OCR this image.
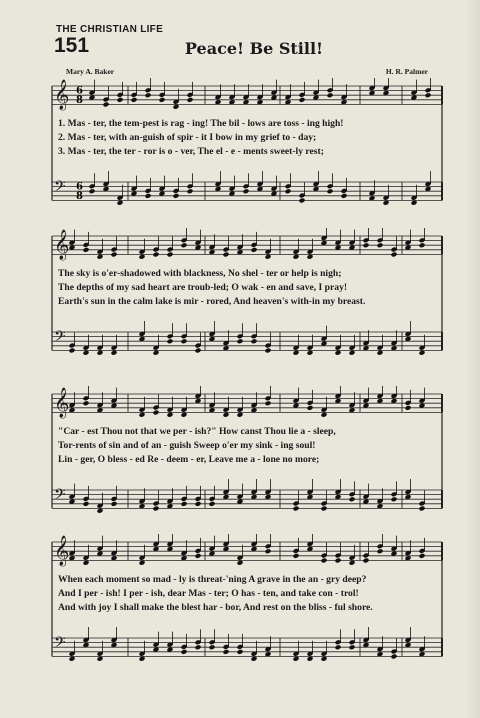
THE CHRISTIAN LIFE
151	Peace! Be Still!
Mary A. Baker	H. R. Palmer
𝄞
𝄢
6
8
6
8
1. Mas - ter, the tem-pest is rag - ing! The bil - lows are toss - ing high!
2. Mas - ter, with an-guish of spir - it I bow in my grief to - day;
3. Mas - ter, the ter - ror is o - ver, The el - e - ments sweet-ly rest;
𝄞
𝄢
The sky is o'er-shadowed with blackness, No shel - ter or help is nigh;
The depths of my sad heart are troub-led; O wak - en and save, I pray!
Earth's sun in the calm lake is mir - rored, And heaven's with-in my breast.
𝄞
𝄢
"Car - est Thou not that we per - ish?" How canst Thou lie a - sleep,
Tor-rents of sin and of an - guish Sweep o'er my sink - ing soul!
Lin - ger, O bless - ed Re - deem - er, Leave me a - lone no more;
𝄞
𝄢
When each moment so mad - ly is threat-'ning A grave in the an - gry deep?
And I per - ish! I per - ish, dear Mas - ter; O has - ten, and take con - trol!
And with joy I shall make the blest har - bor, And rest on the bliss - ful shore.
